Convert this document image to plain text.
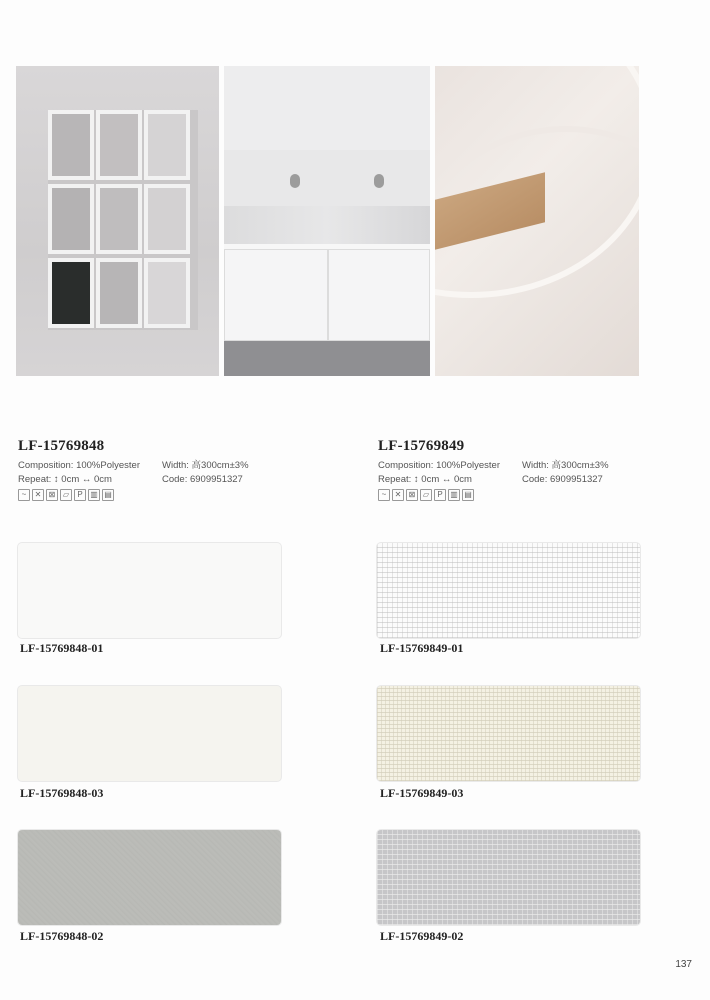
LF-15769848
Composition: 100%Polyester	Width: 高300cm±3%
Repeat: ↕ 0cm ↔ 0cm	Code: 6909951327
~	✕ ⊠ ▱	P ▥ ▤
LF-15769849
Composition: 100%Polyester	Width: 高300cm±3%
Repeat: ↕ 0cm ↔ 0cm	Code: 6909951327
~	✕ ⊠ ▱	P ▥ ▤
LF-15769848-01
LF-15769848-03
LF-15769848-02
LF-15769849-01
LF-15769849-03
LF-15769849-02
137
